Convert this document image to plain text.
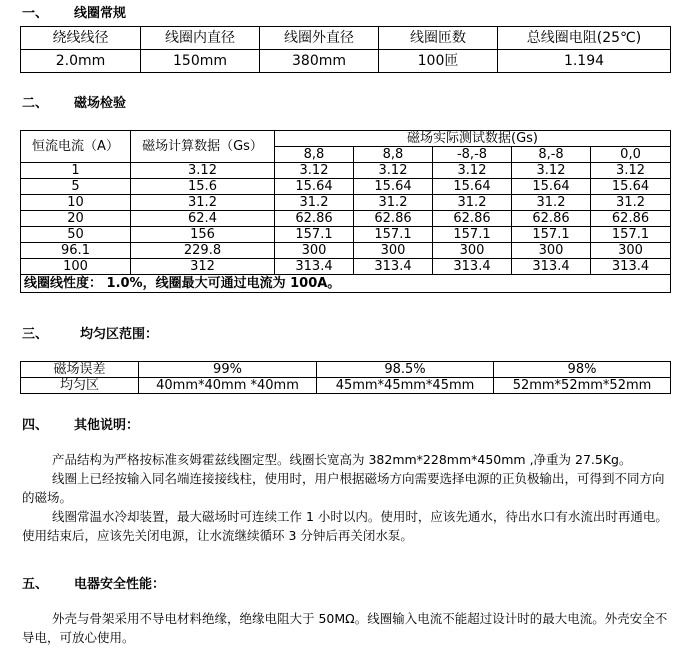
一、 线圈常规
绕线线径	线圈内直径	线圈外直径	线圈匝数	总线圈电阻(25℃)
2.0mm	150mm	380mm	100匝	1.194
二、 磁场检验
恒流电流（A）	磁场计算数据（Gs）	磁场实际测试数据(Gs)				
		8,8	8,8	-8,-8	8,-8	0,0
1	3.12	3.12	3.12	3.12	3.12	3.12
5	15.6	15.64	15.64	15.64	15.64	15.64
10	31.2	31.2	31.2	31.2	31.2	31.2
20	62.4	62.86	62.86	62.86	62.86	62.86
50	156	157.1	157.1	157.1	157.1	157.1
96.1	229.8	300	300	300	300	300
100	312	313.4	313.4	313.4	313.4	313.4
线圈线性度： 1.0%，线圈最大可通过电流为 100A。						
三、 均匀区范围：
磁场误差	99%	98.5%	98%
均匀区	40mm*40mm *40mm	45mm*45mm*45mm	52mm*52mm*52mm
四、 其他说明：

产品结构为严格按标准亥姆霍兹线圈定型。线圈长宽高为 382mm*228mm*450mm ,净重为 27.5Kg。

线圈上已经按输入同名端连接接线柱，使用时，用户根据磁场方向需要选择电源的正负极输出，可得到不同方向的磁场。

线圈常温水冷却装置，最大磁场时可连续工作 1 小时以内。使用时，应该先通水，待出水口有水流出时再通电。使用结束后，应该先关闭电源，让水流继续循环 3 分钟后再关闭水泵。

五、 电器安全性能：

外壳与骨架采用不导电材料绝缘，绝缘电阻大于 50MΩ。线圈输入电流不能超过设计时的最大电流。外壳安全不导电，可放心使用。
